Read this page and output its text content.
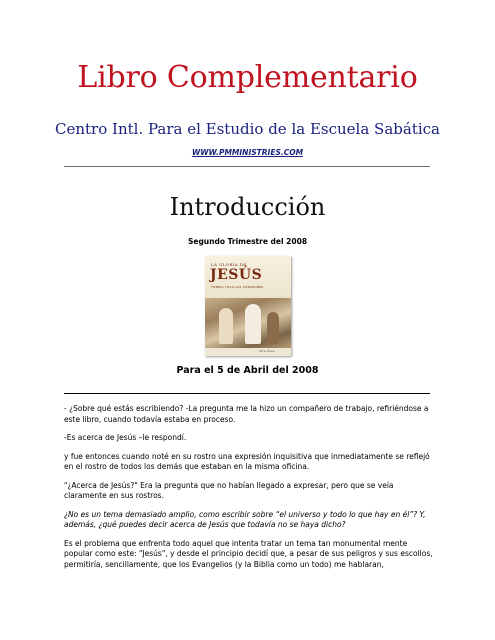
Libro Complementario
Centro Intl. Para el Estudio de la Escuela Sabática
WWW.PMMINISTRIES.COM
Introducción
Segundo Trimestre del 2008
LA GLORIA DE
JESÚS
TOMPIA TOCA LOS CORAZONES
Otra Frase
Para el 5 de Abril del 2008

- ¿Sobre qué estás escribiendo? -La pregunta me la hizo un compañero de trabajo, refiriéndose a este libro, cuando todavía estaba en proceso.

-Es acerca de Jesús –le respondí.

y fue entonces cuando noté en su rostro una expresión inquisitiva que inmediatamente se reflejó en el rostro de todos los demás que estaban en la misma oficina.

"¿Acerca de Jesús?" Era la pregunta que no habían llegado a expresar, pero que se veía claramente en sus rostros.

¿No es un tema demasiado amplio, como escribir sobre “el universo y todo lo que hay en él”? Y, además, ¿qué puedes decir acerca de Jesús que todavía no se haya dicho?

Es el problema que enfrenta todo aquel que intenta tratar un tema tan monumental mente popular como este: "Jesús", y desde el principio decidí que, a pesar de sus peligros y sus escollos, permitiría, sencillamente, que los Evangelios (y la Biblia como un todo) me hablaran,
